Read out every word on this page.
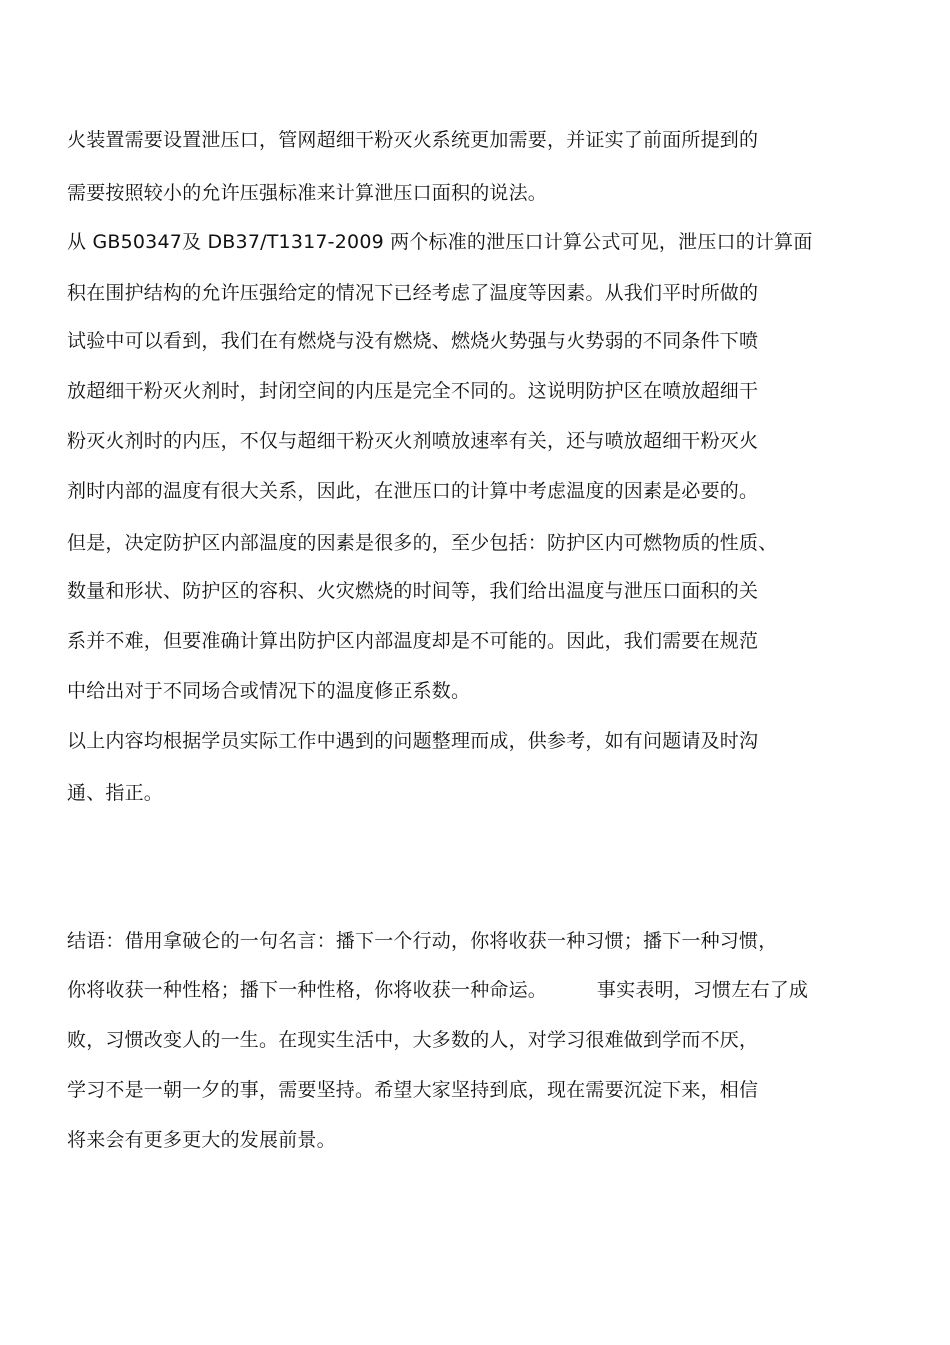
火装置需要设置泄压口，管网超细干粉灭火系统更加需要，并证实了前面所提到的
需要按照较小的允许压强标准来计算泄压口面积的说法。
从 GB50347及 DB37/T1317-2009 两个标准的泄压口计算公式可见，泄压口的计算面
积在围护结构的允许压强给定的情况下已经考虑了温度等因素。从我们平时所做的
试验中可以看到，我们在有燃烧与没有燃烧、燃烧火势强与火势弱的不同条件下喷
放超细干粉灭火剂时，封闭空间的内压是完全不同的。这说明防护区在喷放超细干
粉灭火剂时的内压，不仅与超细干粉灭火剂喷放速率有关，还与喷放超细干粉灭火
剂时内部的温度有很大关系，因此，在泄压口的计算中考虑温度的因素是必要的。
但是，决定防护区内部温度的因素是很多的，至少包括：防护区内可燃物质的性质、
数量和形状、防护区的容积、火灾燃烧的时间等，我们给出温度与泄压口面积的关
系并不难，但要准确计算出防护区内部温度却是不可能的。因此，我们需要在规范
中给出对于不同场合或情况下的温度修正系数。
以上内容均根据学员实际工作中遇到的问题整理而成，供参考，如有问题请及时沟
通、指正。
结语：借用拿破仑的一句名言：播下一个行动，你将收获一种习惯；播下一种习惯，
你将收获一种性格；播下一种性格，你将收获一种命运。        事实表明，习惯左右了成
败，习惯改变人的一生。在现实生活中，大多数的人，对学习很难做到学而不厌，
学习不是一朝一夕的事，需要坚持。希望大家坚持到底，现在需要沉淀下来，相信
将来会有更多更大的发展前景。
